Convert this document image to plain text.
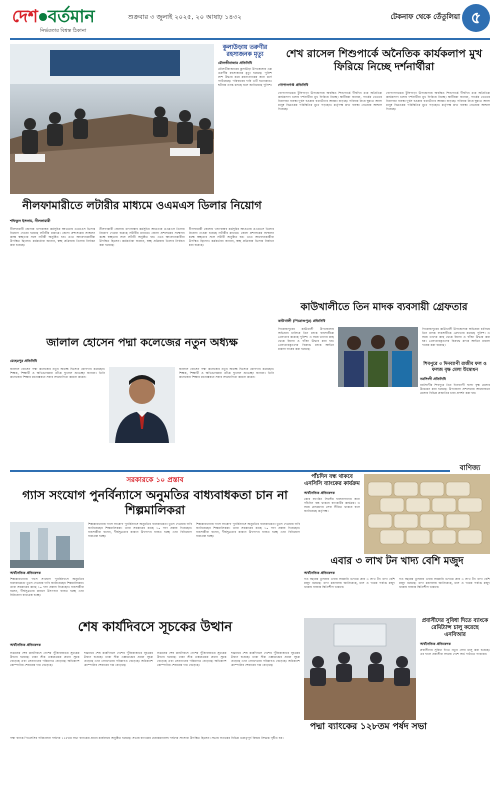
দেশ বর্তমান
নির্ভরতার বিশ্বস্ত ঠিকানা
শুক্রবার ৩ জুলাই ২০২৫, ২০ আষাঢ় ১৪৩২	টেকনাফ থেকে তেঁতুলিয়া ৫
কুলাউড়ায় তরুণীর রহস্যজনক মৃত্যু
মৌলভীবাজার প্রতিনিধি
মৌলভীবাজারের কুলাউড়া উপজেলায় এক তরুণীর রহস্যজনক মৃত্যু হয়েছে। পুলিশ লাশ উদ্ধার করে ময়নাতদন্তের জন্য মর্গে পাঠিয়েছে। পরিবারের দাবি এটি হত্যাকাণ্ড। ঘটনার তদন্ত চলছে বলে জানিয়েছে পুলিশ।
শেখ রাসেল শিশুপার্কে অনৈতিক কার্যকলাপ মুখ ফিরিয়ে নিচ্ছে দর্শনার্থীরা
গোপালগঞ্জ প্রতিনিধি
গোপালগঞ্জের টুঙ্গিপাড়া উপজেলায় অবস্থিত শিশুপার্কে দীর্ঘদিন ধরে অনৈতিক কার্যকলাপ চলায় দর্শনার্থীরা মুখ ফিরিয়ে নিচ্ছে। স্থানীয়রা জানান, পার্কের ভেতরে নিরাপত্তা ব্যবস্থা দুর্বল হওয়ায় বখাটেদের আড্ডা বাড়ছে। পরিবার নিয়ে ঘুরতে আসা মানুষ বিব্রতকর পরিস্থিতির মুখে পড়ছেন। কর্তৃপক্ষ দ্রুত ব্যবস্থা নেওয়ার আশ্বাস দিয়েছে।
গোপালগঞ্জের টুঙ্গিপাড়া উপজেলায় অবস্থিত শিশুপার্কে দীর্ঘদিন ধরে অনৈতিক কার্যকলাপ চলায় দর্শনার্থীরা মুখ ফিরিয়ে নিচ্ছে। স্থানীয়রা জানান, পার্কের ভেতরে নিরাপত্তা ব্যবস্থা দুর্বল হওয়ায় বখাটেদের আড্ডা বাড়ছে। পরিবার নিয়ে ঘুরতে আসা মানুষ বিব্রতকর পরিস্থিতির মুখে পড়ছেন। কর্তৃপক্ষ দ্রুত ব্যবস্থা নেওয়ার আশ্বাস দিয়েছে।
নীলফামারীতে লটারীর মাধ্যমে ওএমএস ডিলার নিয়োগ
শফিকুল ইসলাম, নীলফামারী
নীলফামারী জেলায় খাদ্যবান্ধব কর্মসূচির আওতায় ওএমএস ডিলার নিয়োগ দেওয়া হয়েছে লটারীর মাধ্যমে। জেলা প্রশাসকের সম্মেলন কক্ষে স্বচ্ছতার সঙ্গে লটারী অনুষ্ঠিত হয়। এতে আবেদনকারীরা উপস্থিত ছিলেন। কর্মকর্তারা জানান, স্বচ্ছ প্রক্রিয়ায় ডিলার নির্বাচন করা হয়েছে।
নীলফামারী জেলায় খাদ্যবান্ধব কর্মসূচির আওতায় ওএমএস ডিলার নিয়োগ দেওয়া হয়েছে লটারীর মাধ্যমে। জেলা প্রশাসকের সম্মেলন কক্ষে স্বচ্ছতার সঙ্গে লটারী অনুষ্ঠিত হয়। এতে আবেদনকারীরা উপস্থিত ছিলেন। কর্মকর্তারা জানান, স্বচ্ছ প্রক্রিয়ায় ডিলার নির্বাচন করা হয়েছে।
নীলফামারী জেলায় খাদ্যবান্ধব কর্মসূচির আওতায় ওএমএস ডিলার নিয়োগ দেওয়া হয়েছে লটারীর মাধ্যমে। জেলা প্রশাসকের সম্মেলন কক্ষে স্বচ্ছতার সঙ্গে লটারী অনুষ্ঠিত হয়। এতে আবেদনকারীরা উপস্থিত ছিলেন। কর্মকর্তারা জানান, স্বচ্ছ প্রক্রিয়ায় ডিলার নির্বাচন করা হয়েছে।
কাউখালীতে তিন মাদক ব্যবসায়ী গ্রেফতার
কাউখালী (পিরোজপুর) প্রতিনিধি
পিরোজপুরের কাউখালী উপজেলায় অভিযান চালিয়ে তিন মাদক ব্যবসায়ীকে গ্রেফতার করেছে পুলিশ। এ সময় তাদের কাছ থেকে ইয়াবা ও গাঁজা উদ্ধার করা হয়। গ্রেফতারকৃতদের বিরুদ্ধে মাদক আইনে মামলা দায়ের করা হয়েছে।
পিরোজপুরের কাউখালী উপজেলায় অভিযান চালিয়ে তিন মাদক ব্যবসায়ীকে গ্রেফতার করেছে পুলিশ। এ সময় তাদের কাছ থেকে ইয়াবা ও গাঁজা উদ্ধার করা হয়। গ্রেফতারকৃতদের বিরুদ্ধে মাদক আইনে মামলা দায়ের করা হয়েছে।
জালাল হোসেন পদ্মা কলেজের নতুন অধ্যক্ষ
মেহেরপুর প্রতিনিধি
জালাল হোসেন পদ্মা কলেজের নতুন অধ্যক্ষ হিসেবে যোগদান করেছেন। শিক্ষক, শিক্ষার্থী ও অভিভাবকরা তাঁকে ফুলেল শুভেচ্ছা জানান। তিনি কলেজের শিক্ষার মানোন্নয়নে সবার সহযোগিতা কামনা করেন।
জালাল হোসেন পদ্মা কলেজের নতুন অধ্যক্ষ হিসেবে যোগদান করেছেন। শিক্ষক, শিক্ষার্থী ও অভিভাবকরা তাঁকে ফুলেল শুভেচ্ছা জানান। তিনি কলেজের শিক্ষার মানোন্নয়নে সবার সহযোগিতা কামনা করেন।
শিবপুরে ৩ দিনব্যাপী রাজীব ফল ও ফলজ বৃক্ষ মেলা উদ্বোধন
নরসিংদী প্রতিনিধি
নরসিংদীর শিবপুরে তিন দিনব্যাপী ফলদ বৃক্ষ মেলার উদ্বোধন করা হয়েছে। উপজেলা প্রশাসনের আয়োজনে মেলায় বিভিন্ন প্রজাতির চারা প্রদর্শন করা হয়।
বাণিজ্য
সরকারকে ১০ প্রস্তাব
গ্যাস সংযোগ পুনর্বিন্যাসে অনুমতির বাধ্যবাধকতা চান না শিল্পমালিকরা
অর্থনৈতিক প্রতিবেদক
শিল্পকারখানায় গ্যাস সংযোগ পুনর্বিন্যাসে অনুমতির বাধ্যবাধকতা তুলে দেওয়ার দাবি জানিয়েছেন শিল্পমালিকরা। তারা সরকারের কাছে ১০ দফা প্রস্তাব দিয়েছেন। ব্যবসায়ীরা বলেন, দীর্ঘসূত্রতার কারণে উৎপাদন ব্যাহত হচ্ছে এবং বিনিয়োগ বাধাগ্রস্ত হচ্ছে।
শিল্পকারখানায় গ্যাস সংযোগ পুনর্বিন্যাসে অনুমতির বাধ্যবাধকতা তুলে দেওয়ার দাবি জানিয়েছেন শিল্পমালিকরা। তারা সরকারের কাছে ১০ দফা প্রস্তাব দিয়েছেন। ব্যবসায়ীরা বলেন, দীর্ঘসূত্রতার কারণে উৎপাদন ব্যাহত হচ্ছে এবং বিনিয়োগ বাধাগ্রস্ত হচ্ছে।
শিল্পকারখানায় গ্যাস সংযোগ পুনর্বিন্যাসে অনুমতির বাধ্যবাধকতা তুলে দেওয়ার দাবি জানিয়েছেন শিল্পমালিকরা। তারা সরকারের কাছে ১০ দফা প্রস্তাব দিয়েছেন। ব্যবসায়ীরা বলেন, দীর্ঘসূত্রতার কারণে উৎপাদন ব্যাহত হচ্ছে এবং বিনিয়োগ বাধাগ্রস্ত হচ্ছে।
পাঁচদিন বন্ধ থাকবে এনসিসি ব্যাংকের কার্যক্রম
অর্থনৈতিক প্রতিবেদক
কোর ব্যাংকিং সিস্টেম হালনাগাদের জন্য পাঁচদিন বন্ধ থাকবে ব্যাংকটির কার্যক্রম। এ সময় গ্রাহকদের সেবা সীমিত থাকবে বলে জানিয়েছে কর্তৃপক্ষ।
এবার ৩ লাখ টন খাদ্য বেশি মজুদ
অর্থনৈতিক প্রতিবেদক
গত বছরের তুলনায় এবার সরকারি গুদামে প্রায় ৩ লাখ টন খাদ্য বেশি মজুদ রয়েছে। খাদ্য মন্ত্রণালয় জানিয়েছে, চাল ও গমের পর্যাপ্ত মজুদ থাকায় বাজার স্থিতিশীল থাকবে।
গত বছরের তুলনায় এবার সরকারি গুদামে প্রায় ৩ লাখ টন খাদ্য বেশি মজুদ রয়েছে। খাদ্য মন্ত্রণালয় জানিয়েছে, চাল ও গমের পর্যাপ্ত মজুদ থাকায় বাজার স্থিতিশীল থাকবে।
শেষ কার্যদিবসে সূচকের উত্থান
অর্থনৈতিক প্রতিবেদক
সপ্তাহের শেষ কার্যদিবসে দেশের পুঁজিবাজারে সূচকের উত্থান হয়েছে। ঢাকা স্টক এক্সচেঞ্জের প্রধান সূচক বেড়েছে এবং লেনদেনের পরিমাণও বেড়েছে। অধিকাংশ কোম্পানির শেয়ারের দাম বেড়েছে।
সপ্তাহের শেষ কার্যদিবসে দেশের পুঁজিবাজারে সূচকের উত্থান হয়েছে। ঢাকা স্টক এক্সচেঞ্জের প্রধান সূচক বেড়েছে এবং লেনদেনের পরিমাণও বেড়েছে। অধিকাংশ কোম্পানির শেয়ারের দাম বেড়েছে।
সপ্তাহের শেষ কার্যদিবসে দেশের পুঁজিবাজারে সূচকের উত্থান হয়েছে। ঢাকা স্টক এক্সচেঞ্জের প্রধান সূচক বেড়েছে এবং লেনদেনের পরিমাণও বেড়েছে। অধিকাংশ কোম্পানির শেয়ারের দাম বেড়েছে।
সপ্তাহের শেষ কার্যদিবসে দেশের পুঁজিবাজারে সূচকের উত্থান হয়েছে। ঢাকা স্টক এক্সচেঞ্জের প্রধান সূচক বেড়েছে এবং লেনদেনের পরিমাণও বেড়েছে। অধিকাংশ কোম্পানির শেয়ারের দাম বেড়েছে।
প্রবাসীদের সুবিধা দিতে ব্যাংকে রেমিট্যান্স চালু করেছে এনবিআর
অর্থনৈতিক প্রতিবেদক
প্রবাসীদের সুবিধা দিতে নতুন সেবা চালু করা হয়েছে। এর ফলে প্রবাসীরা সহজে দেশে অর্থ পাঠাতে পারবেন।
পদ্মা ব্যাংকের ১২৮তম পর্ষদ সভা
পদ্মা ব্যাংক পিএলসির পরিচালনা পর্ষদের ১২৮তম সভা ব্যাংকের প্রধান কার্যালয়ে অনুষ্ঠিত হয়েছে। সভায় ব্যাংকের চেয়ারম্যানসহ পর্ষদের সদস্যরা উপস্থিত ছিলেন। সভায় ব্যাংকের বিভিন্ন গুরুত্বপূর্ণ বিষয়ে সিদ্ধান্ত গৃহীত হয়।
